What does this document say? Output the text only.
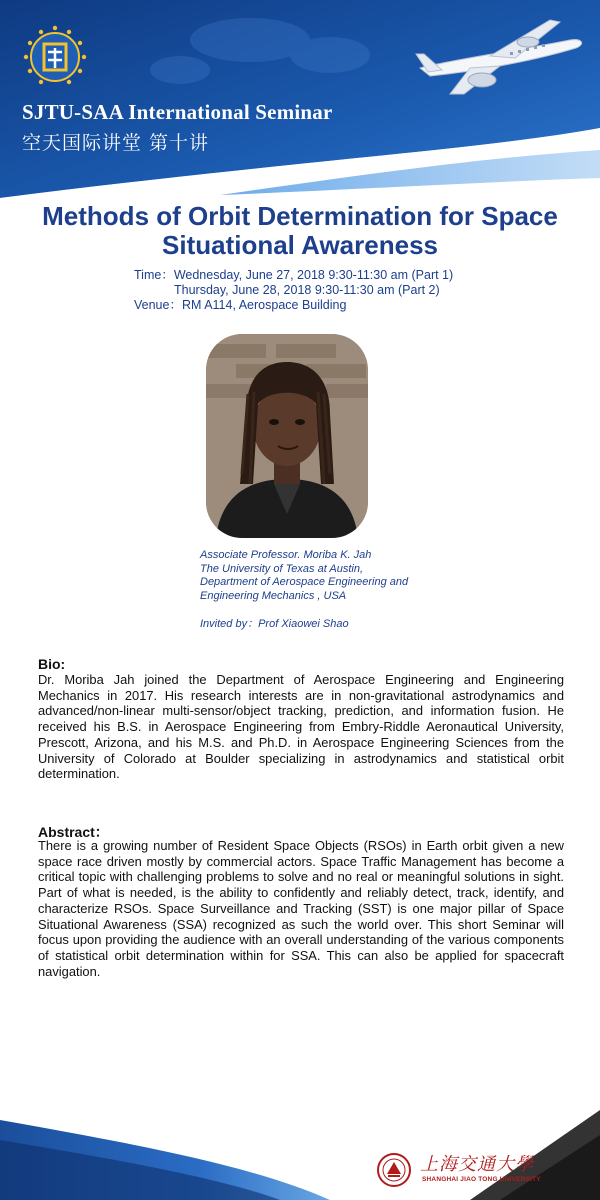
SJTU-SAA International Seminar
空天国际讲堂 第十讲
Methods of Orbit Determination for Space
Situational Awareness
Time：Wednesday, June 27, 2018 9:30-11:30 am (Part 1)
Thursday, June 28, 2018 9:30-11:30 am (Part 2)
Venue：RM A114, Aerospace Building
Associate Professor. Moriba K. Jah
The University of Texas at Austin,
Department of Aerospace Engineering and
Engineering Mechanics , USA
Invited by：Prof Xiaowei Shao
Bio:
Dr. Moriba Jah joined the Department of Aerospace Engineering and Engineering Mechanics in 2017. His research interests are in non-gravitational astrodynamics and advanced/non-linear multi-sensor/object tracking, prediction, and information fusion. He received his B.S. in Aerospace Engineering from Embry-Riddle Aeronautical University, Prescott, Arizona, and his M.S. and Ph.D. in Aerospace Engineering Sciences from the University of Colorado at Boulder specializing in astrodynamics and statistical orbit determination.
Abstract：
There is a growing number of Resident Space Objects (RSOs) in Earth orbit given a new space race driven mostly by commercial actors. Space Traffic Management has become a critical topic with challenging problems to solve and no real or meaningful solutions in sight. Part of what is needed, is the ability to confidently and reliably detect, track, identify, and characterize RSOs. Space Surveillance and Tracking (SST) is one major pillar of Space Situational Awareness (SSA) recognized as such the world over. This short Seminar will focus upon providing the audience with an overall understanding of the various components of statistical orbit determination within for SSA. This can also be applied for spacecraft navigation.
上海交通大學
SHANGHAI JIAO TONG UNIVERSITY
